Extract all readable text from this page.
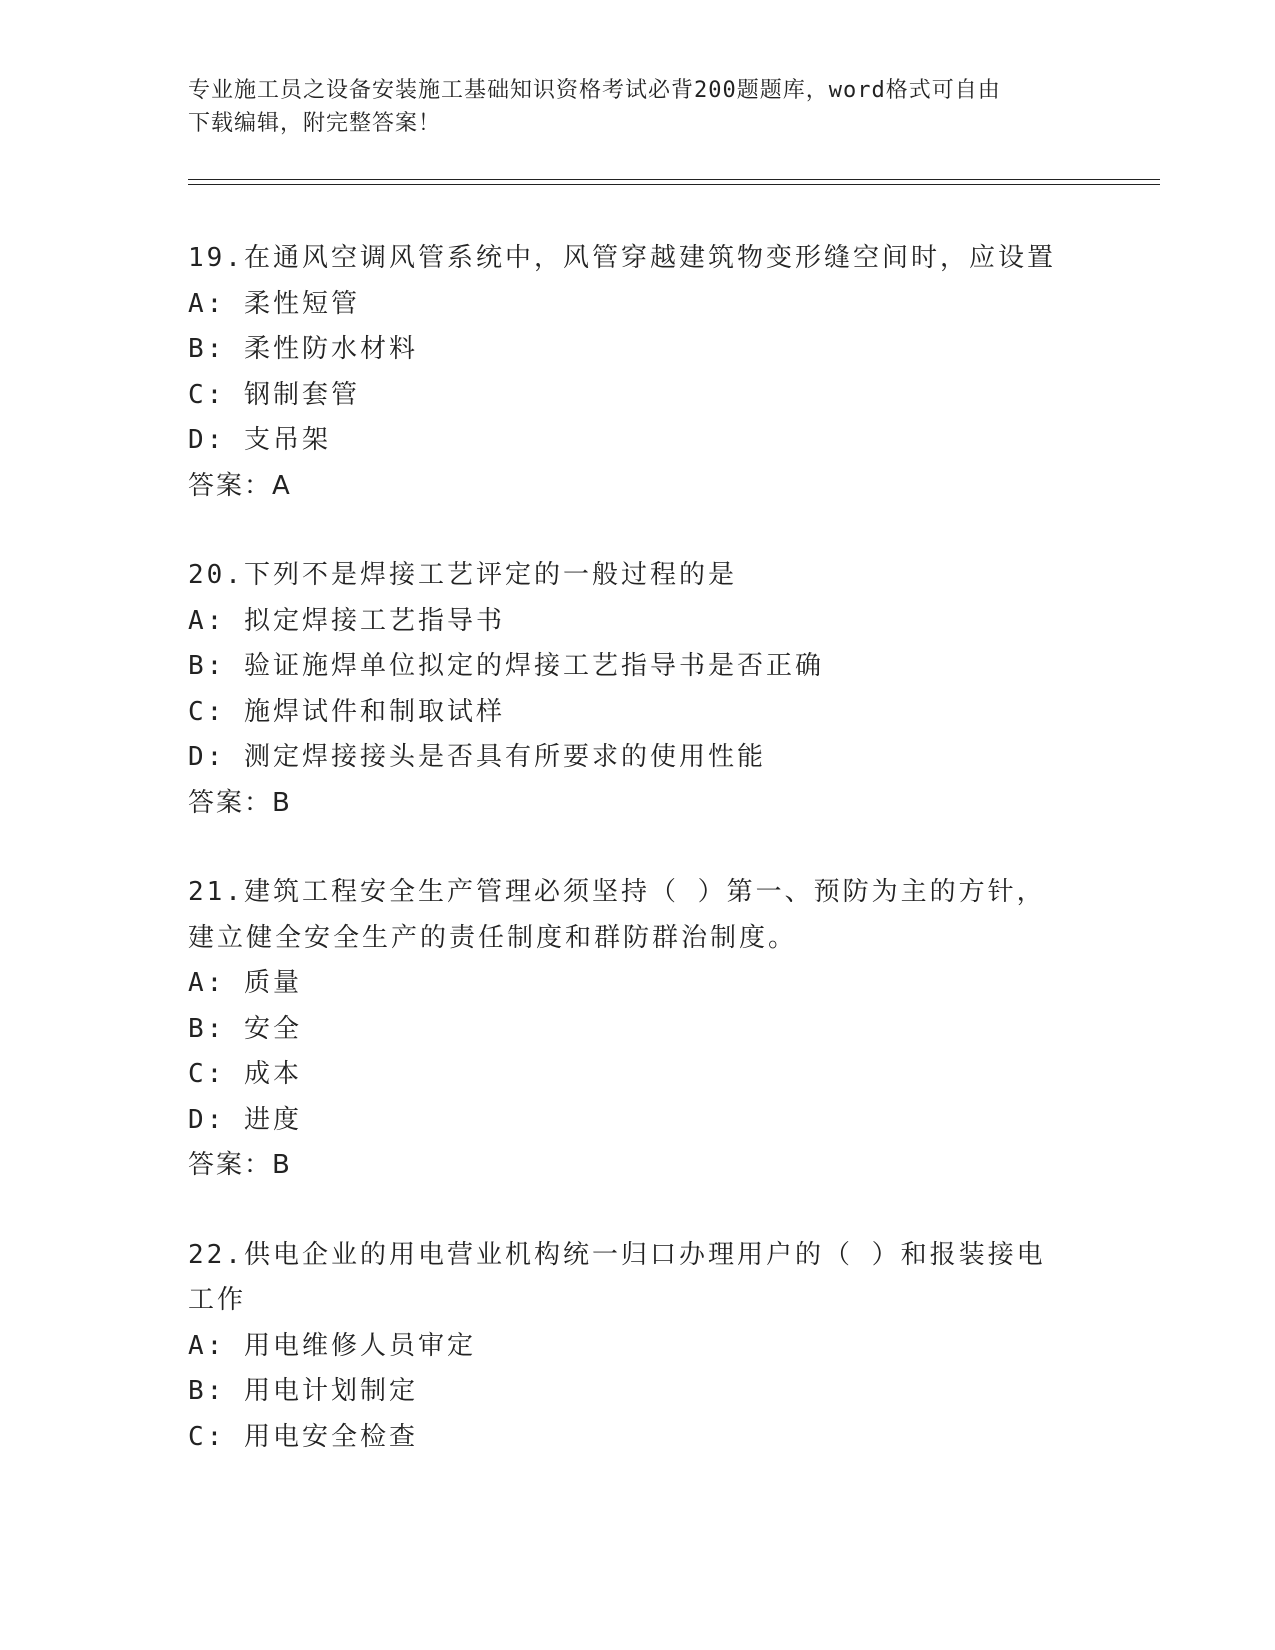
专业施工员之设备安装施工基础知识资格考试必背200题题库，word格式可自由
下载编辑，附完整答案！
19.在通风空调风管系统中，风管穿越建筑物变形缝空间时，应设置
A: 柔性短管
B: 柔性防水材料
C: 钢制套管
D: 支吊架
答案：A
20.下列不是焊接工艺评定的一般过程的是
A: 拟定焊接工艺指导书
B: 验证施焊单位拟定的焊接工艺指导书是否正确
C: 施焊试件和制取试样
D: 测定焊接接头是否具有所要求的使用性能
答案：B
21.建筑工程安全生产管理必须坚持（ ）第一、预防为主的方针，建立健全安全生产的责任制度和群防群治制度。
A: 质量
B: 安全
C: 成本
D: 进度
答案：B
22.供电企业的用电营业机构统一归口办理用户的（ ）和报装接电工作
A: 用电维修人员审定
B: 用电计划制定
C: 用电安全检查
